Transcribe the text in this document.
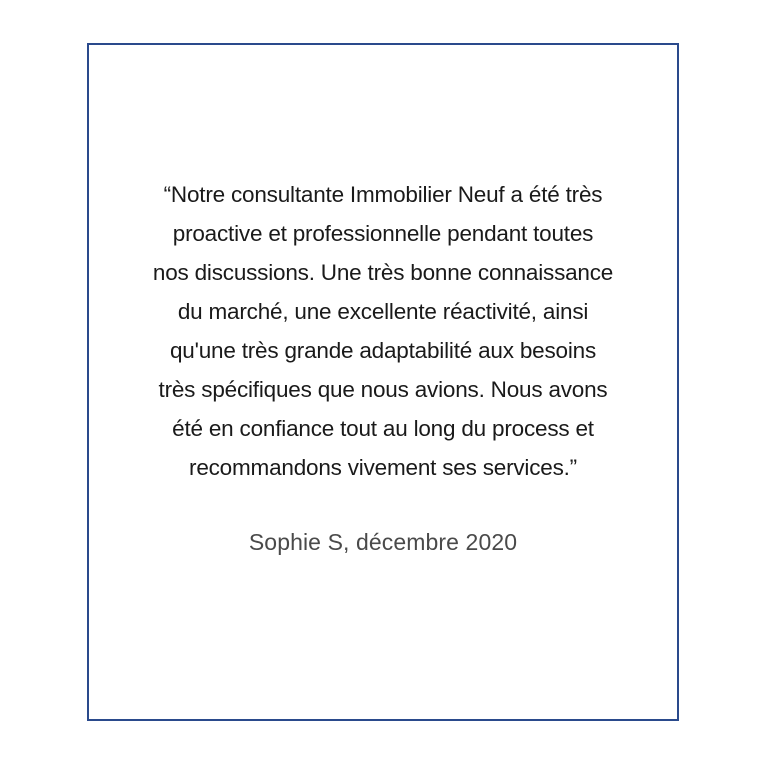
“Notre consultante Immobilier Neuf a été très
proactive et professionnelle pendant toutes
nos discussions. Une très bonne connaissance
du marché, une excellente réactivité, ainsi
qu'une très grande adaptabilité aux besoins
très spécifiques que nous avions. Nous avons
été en confiance tout au long du process et
recommandons vivement ses services.”
Sophie S, décembre 2020
